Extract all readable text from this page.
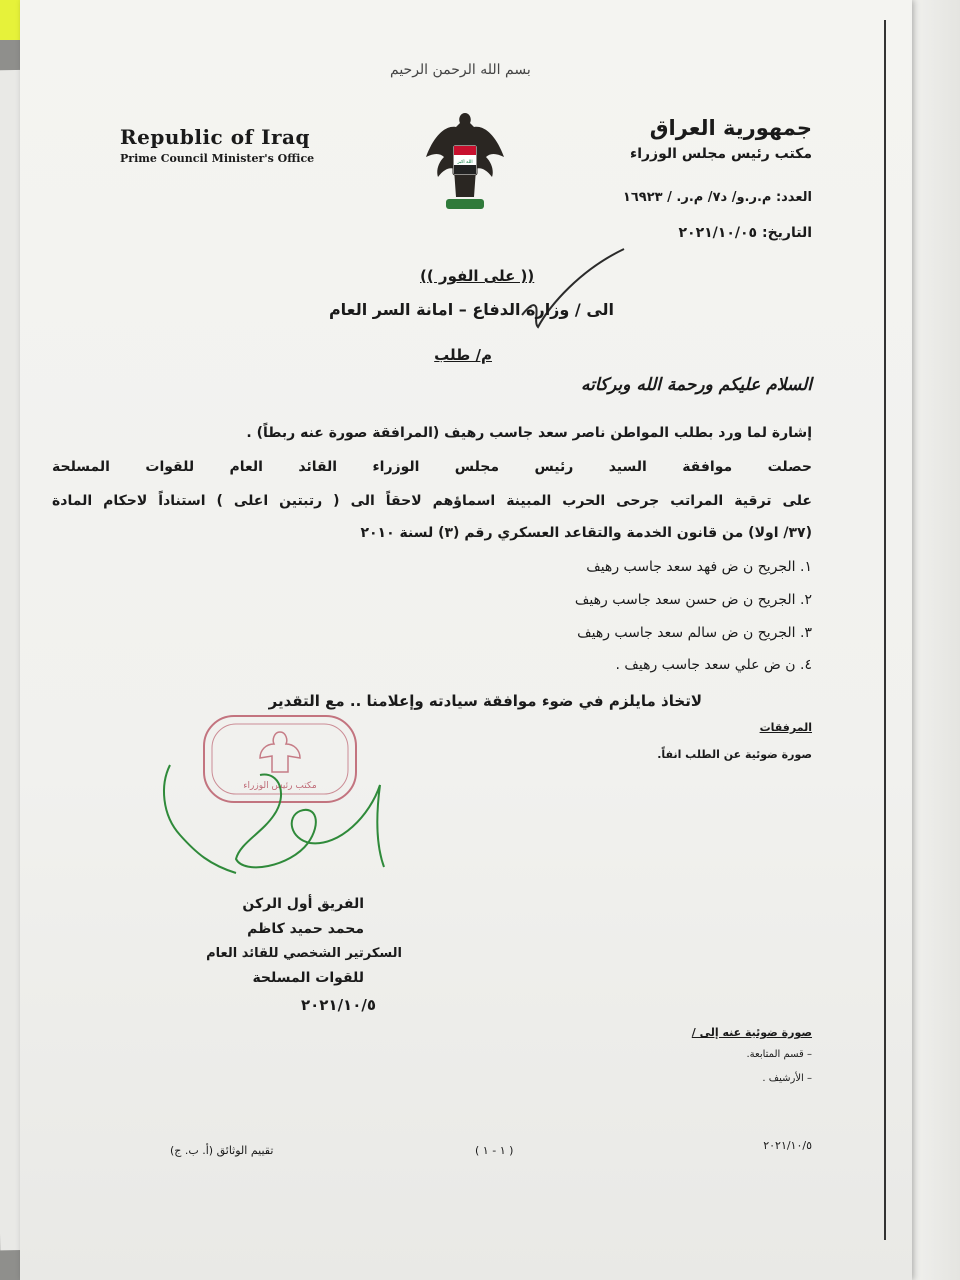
بسم الله الرحمن الرحيم
Republic of Iraq
Prime Council Minister's Office	الله اكبر
جمهورية العراق
مكتب رئيس مجلس الوزراء
العدد: م.ر.و/ د٧/ م.ر. / ١٦٩٢٣
التاريخ: ٢٠٢١/١٠/٠٥
(( على الفور ))
الى / وزارة الدفاع – امانة السر العام
م/ طلب
السلام عليكم ورحمة الله وبركاته
إشارة لما ورد بطلب المواطن ناصر سعد جاسب رهيف (المرافقة صورة عنه ربطاً) .
حصلت موافقة السيد رئيس مجلس الوزراء القائد العام للقوات المسلحة
على ترقية المراتب جرحى الحرب المبينة اسماؤهم لاحقاً الى ( رتبتين اعلى ) استناداً لاحكام المادة
(٣٧/ اولا) من قانون الخدمة والتقاعد العسكري رقم (٣) لسنة ٢٠١٠
١. الجريح ن ض فهد سعد جاسب رهيف
٢. الجريح ن ض حسن سعد جاسب رهيف
٣. الجريح ن ض سالم سعد جاسب رهيف
٤. ن ض علي سعد جاسب رهيف .
لاتخاذ مايلزم في ضوء موافقة سيادته وإعلامنا .. مع التقدير
المرفقات
صورة ضوئية عن الطلب انفاً.
مكتب رئيس الوزراء
الفريق أول الركن
محمد حميد كاظم
السكرتير الشخصي للقائد العام
للقوات المسلحة
٢٠٢١/١٠/٥
صورة ضوئية عنه إلى /
– قسم المتابعة.
– الأرشيف .
تقييم الوثائق (أ. ب. ج)	( ١ - ١ )	٢٠٢١/١٠/٥
